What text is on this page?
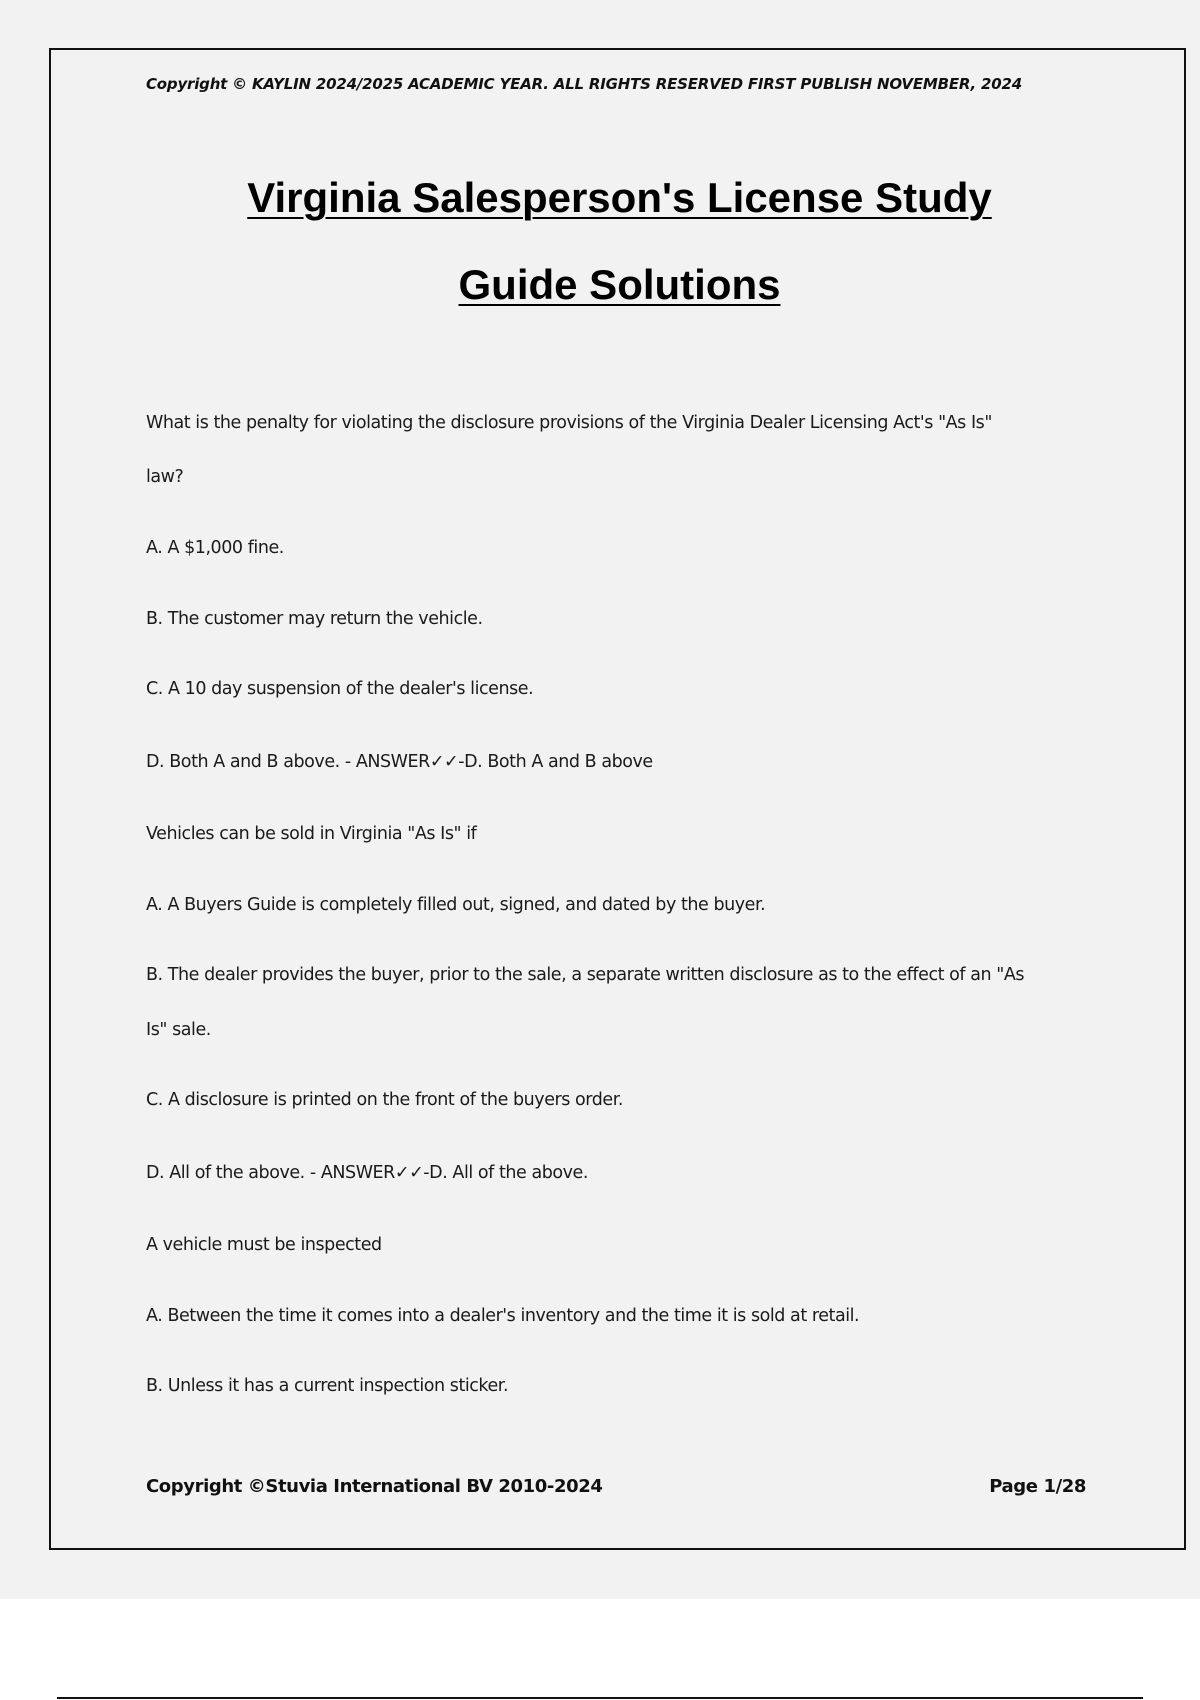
Copyright © KAYLIN 2024/2025 ACADEMIC YEAR. ALL RIGHTS RESERVED FIRST PUBLISH NOVEMBER, 2024
Virginia Salesperson's License Study
Guide Solutions
What is the penalty for violating the disclosure provisions of the Virginia Dealer Licensing Act's "As Is"
law?
A. A $1,000 fine.
B. The customer may return the vehicle.
C. A 10 day suspension of the dealer's license.
D. Both A and B above. - ANSWER✓✓-D. Both A and B above
Vehicles can be sold in Virginia "As Is" if
A. A Buyers Guide is completely filled out, signed, and dated by the buyer.
B. The dealer provides the buyer, prior to the sale, a separate written disclosure as to the effect of an "As
Is" sale.
C. A disclosure is printed on the front of the buyers order.
D. All of the above. - ANSWER✓✓-D. All of the above.
A vehicle must be inspected
A. Between the time it comes into a dealer's inventory and the time it is sold at retail.
B. Unless it has a current inspection sticker.
Copyright ©Stuvia International BV 2010-2024	Page 1/28
